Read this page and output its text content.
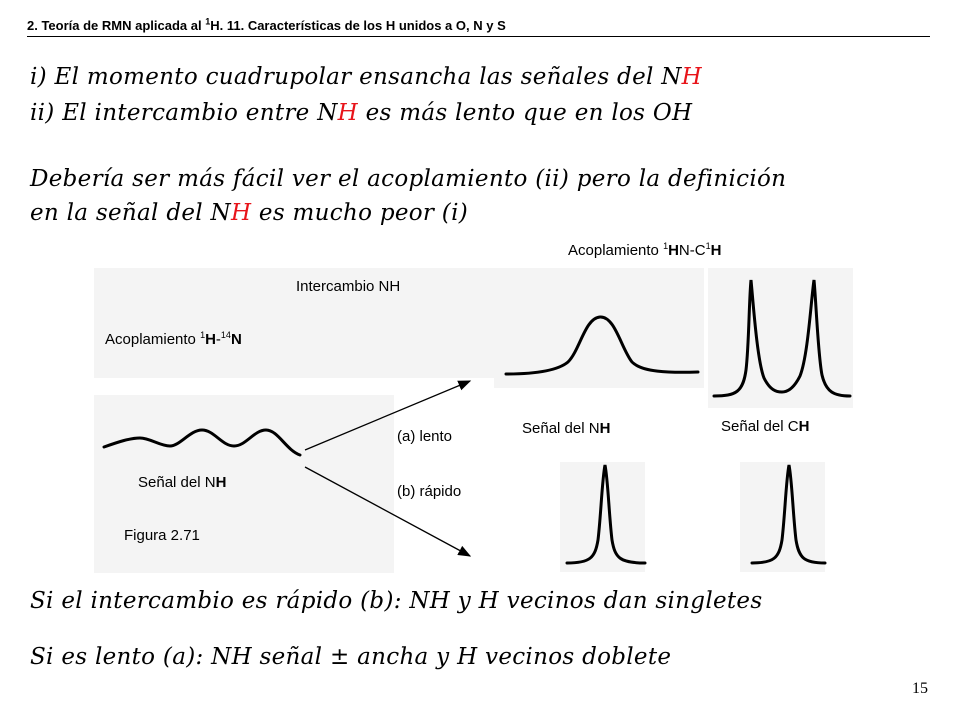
2. Teoría de RMN aplicada al $^1$H. 11. Características de los H unidos a O, N y S
i) El momento cuadrupolar ensancha las señales del NH
ii) El intercambio entre NH es más lento que en los OH
Debería ser más fácil ver el acoplamiento (ii) pero la definición
en la señal del NH es mucho peor (i)
Acoplamiento $^1HN-C^1H$
Intercambio NH
Acoplamiento $^1$H-$^{14}$N
(a) lento	Señal del NH	Señal del CH
Señal del NH
(b) rápido
Figura 2.71
Si el intercambio es rápido (b): NH y H vecinos dan singletes
Si es lento (a): NH señal ± ancha y H vecinos doblete
15
